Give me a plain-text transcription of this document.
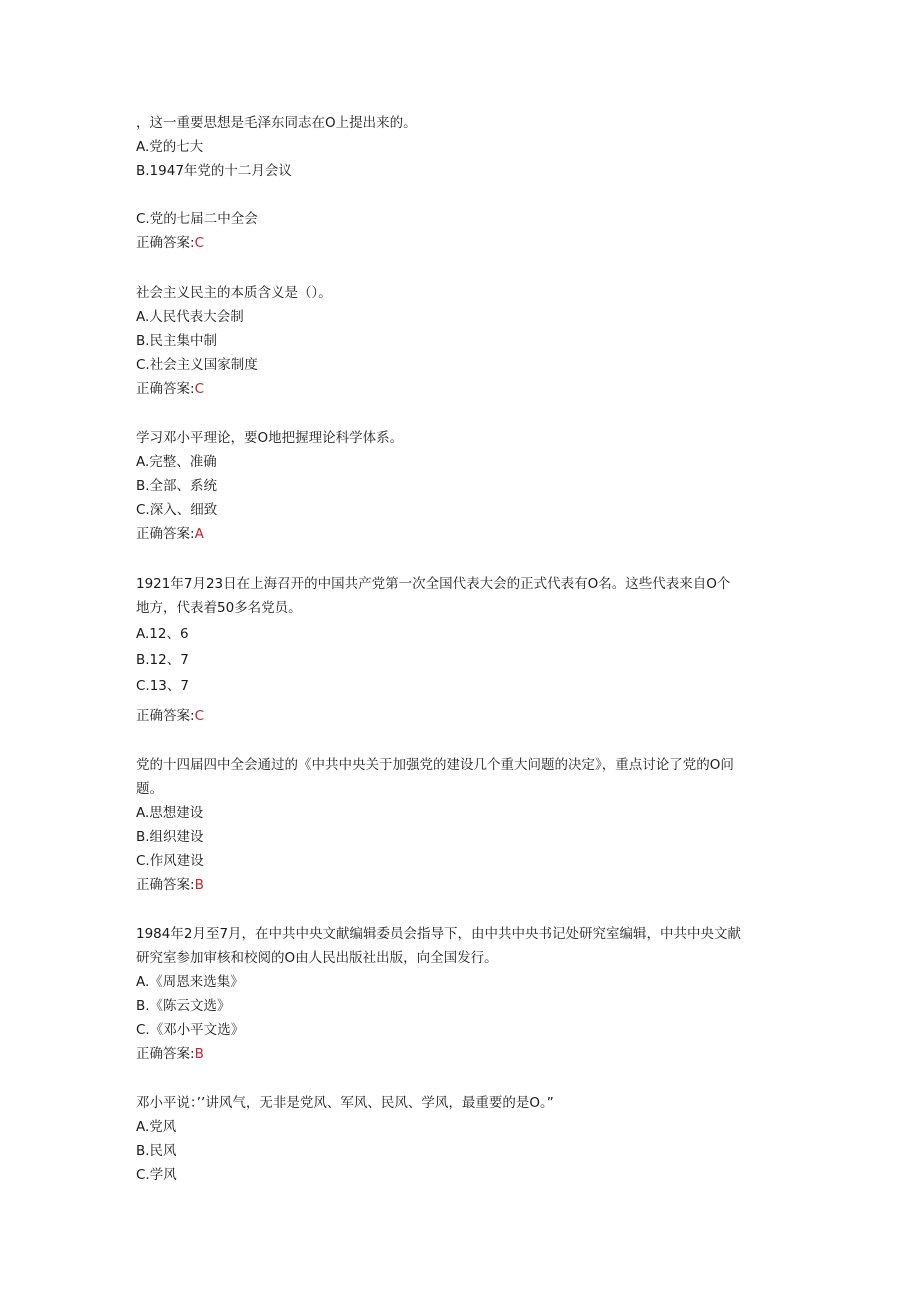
，这一重要思想是毛泽东同志在O上提出来的。
A.党的七大
B.1947年党的十二月会议
C.党的七届二中全会
正确答案:C
社会主义民主的本质含义是（）。
A.人民代表大会制
B.民主集中制
C.社会主义国家制度
正确答案:C
学习邓小平理论，要O地把握理论科学体系。
A.完整、准确
B.全部、系统
C.深入、细致
正确答案:A
1921年7月23日在上海召开的中国共产党第一次全国代表大会的正式代表有O名。这些代表来自O个
地方，代表着50多名党员。
A.12、6
B.12、7
C.13、7
正确答案:C
党的十四届四中全会通过的《中共中央关于加强党的建设几个重大问题的决定》，重点讨论了党的O问
题。
A.思想建设
B.组织建设
C.作风建设
正确答案:B
1984年2月至7月，在中共中央文献编辑委员会指导下，由中共中央书记处研究室编辑，中共中央文献
研究室参加审核和校阅的O由人民出版社出版，向全国发行。
A.《周恩来选集》
B.《陈云文选》
C.《邓小平文选》
正确答案:B
邓小平说：’’讲风气，无非是党风、军风、民风、学风，最重要的是O。”
A.党风
B.民风
C.学风
